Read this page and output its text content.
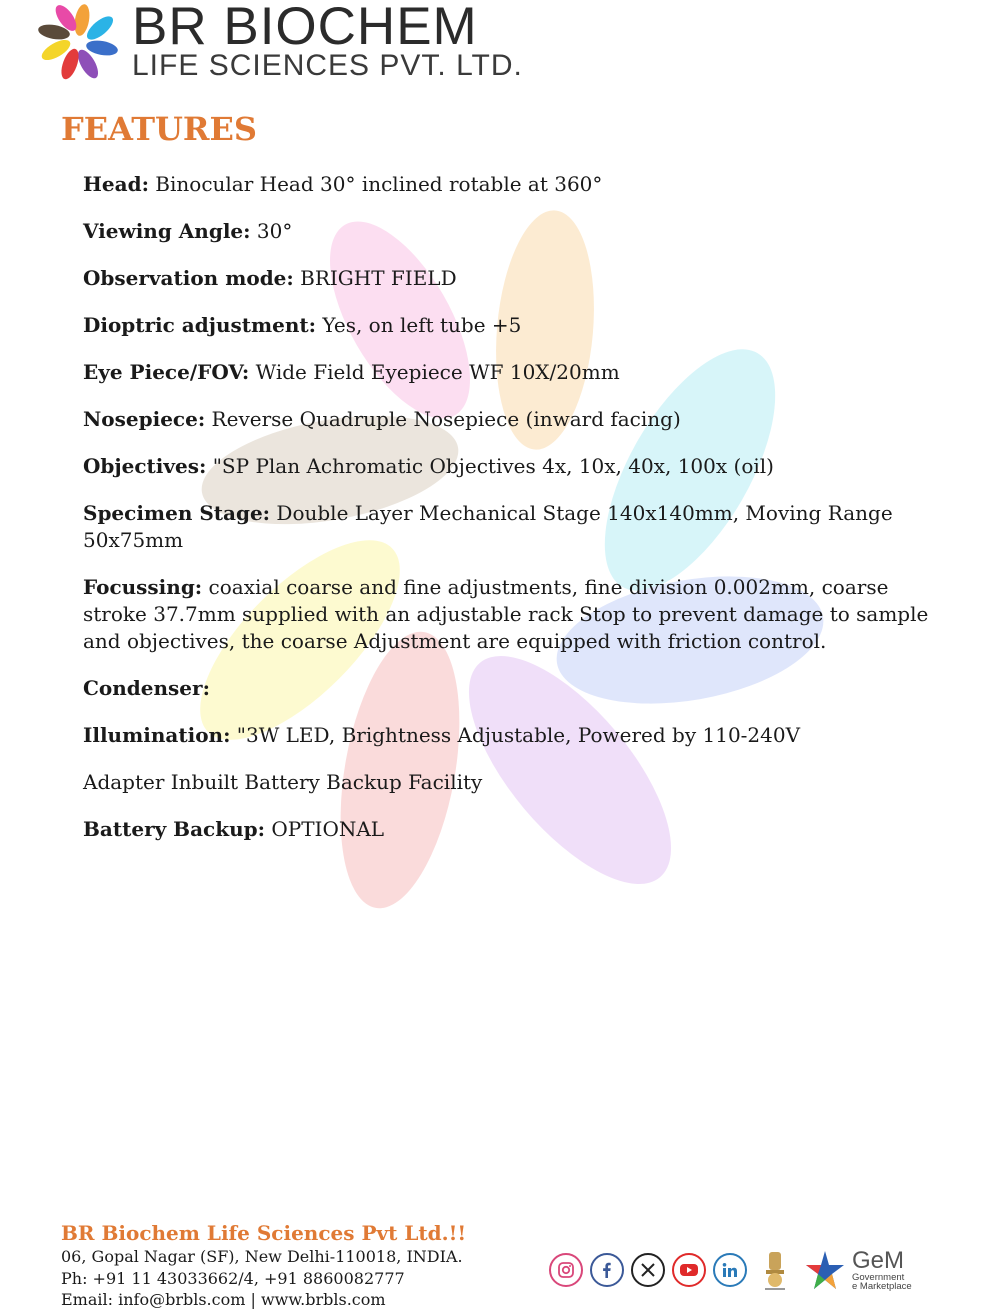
BR BIOCHEM
LIFE SCIENCES PVT. LTD.
FEATURES
Head: Binocular Head 30° inclined rotable at 360°
Viewing Angle: 30°
Observation mode: BRIGHT FIELD
Dioptric adjustment: Yes, on left tube +5
Eye Piece/FOV: Wide Field Eyepiece WF 10X/20mm
Nosepiece: Reverse Quadruple Nosepiece (inward facing)
Objectives: "SP Plan Achromatic Objectives 4x, 10x, 40x, 100x (oil)
Specimen Stage: Double Layer Mechanical Stage 140x140mm, Moving Range 50x75mm
Focussing: coaxial coarse and fine adjustments, fine division 0.002mm, coarse stroke 37.7mm supplied with an adjustable rack Stop to prevent damage to sample and objectives, the coarse Adjustment are equipped with friction control.
Condenser:
Illumination: "3W LED, Brightness Adjustable, Powered by 110-240V
Adapter Inbuilt Battery Backup Facility
Battery Backup: OPTIONAL
BR Biochem Life Sciences Pvt Ltd.!!
06, Gopal Nagar (SF), New Delhi-110018, INDIA.
Ph: +91 11 43033662/4, +91 8860082777
Email: info@brbls.com | www.brbls.com
GeM
Government
e Marketplace
